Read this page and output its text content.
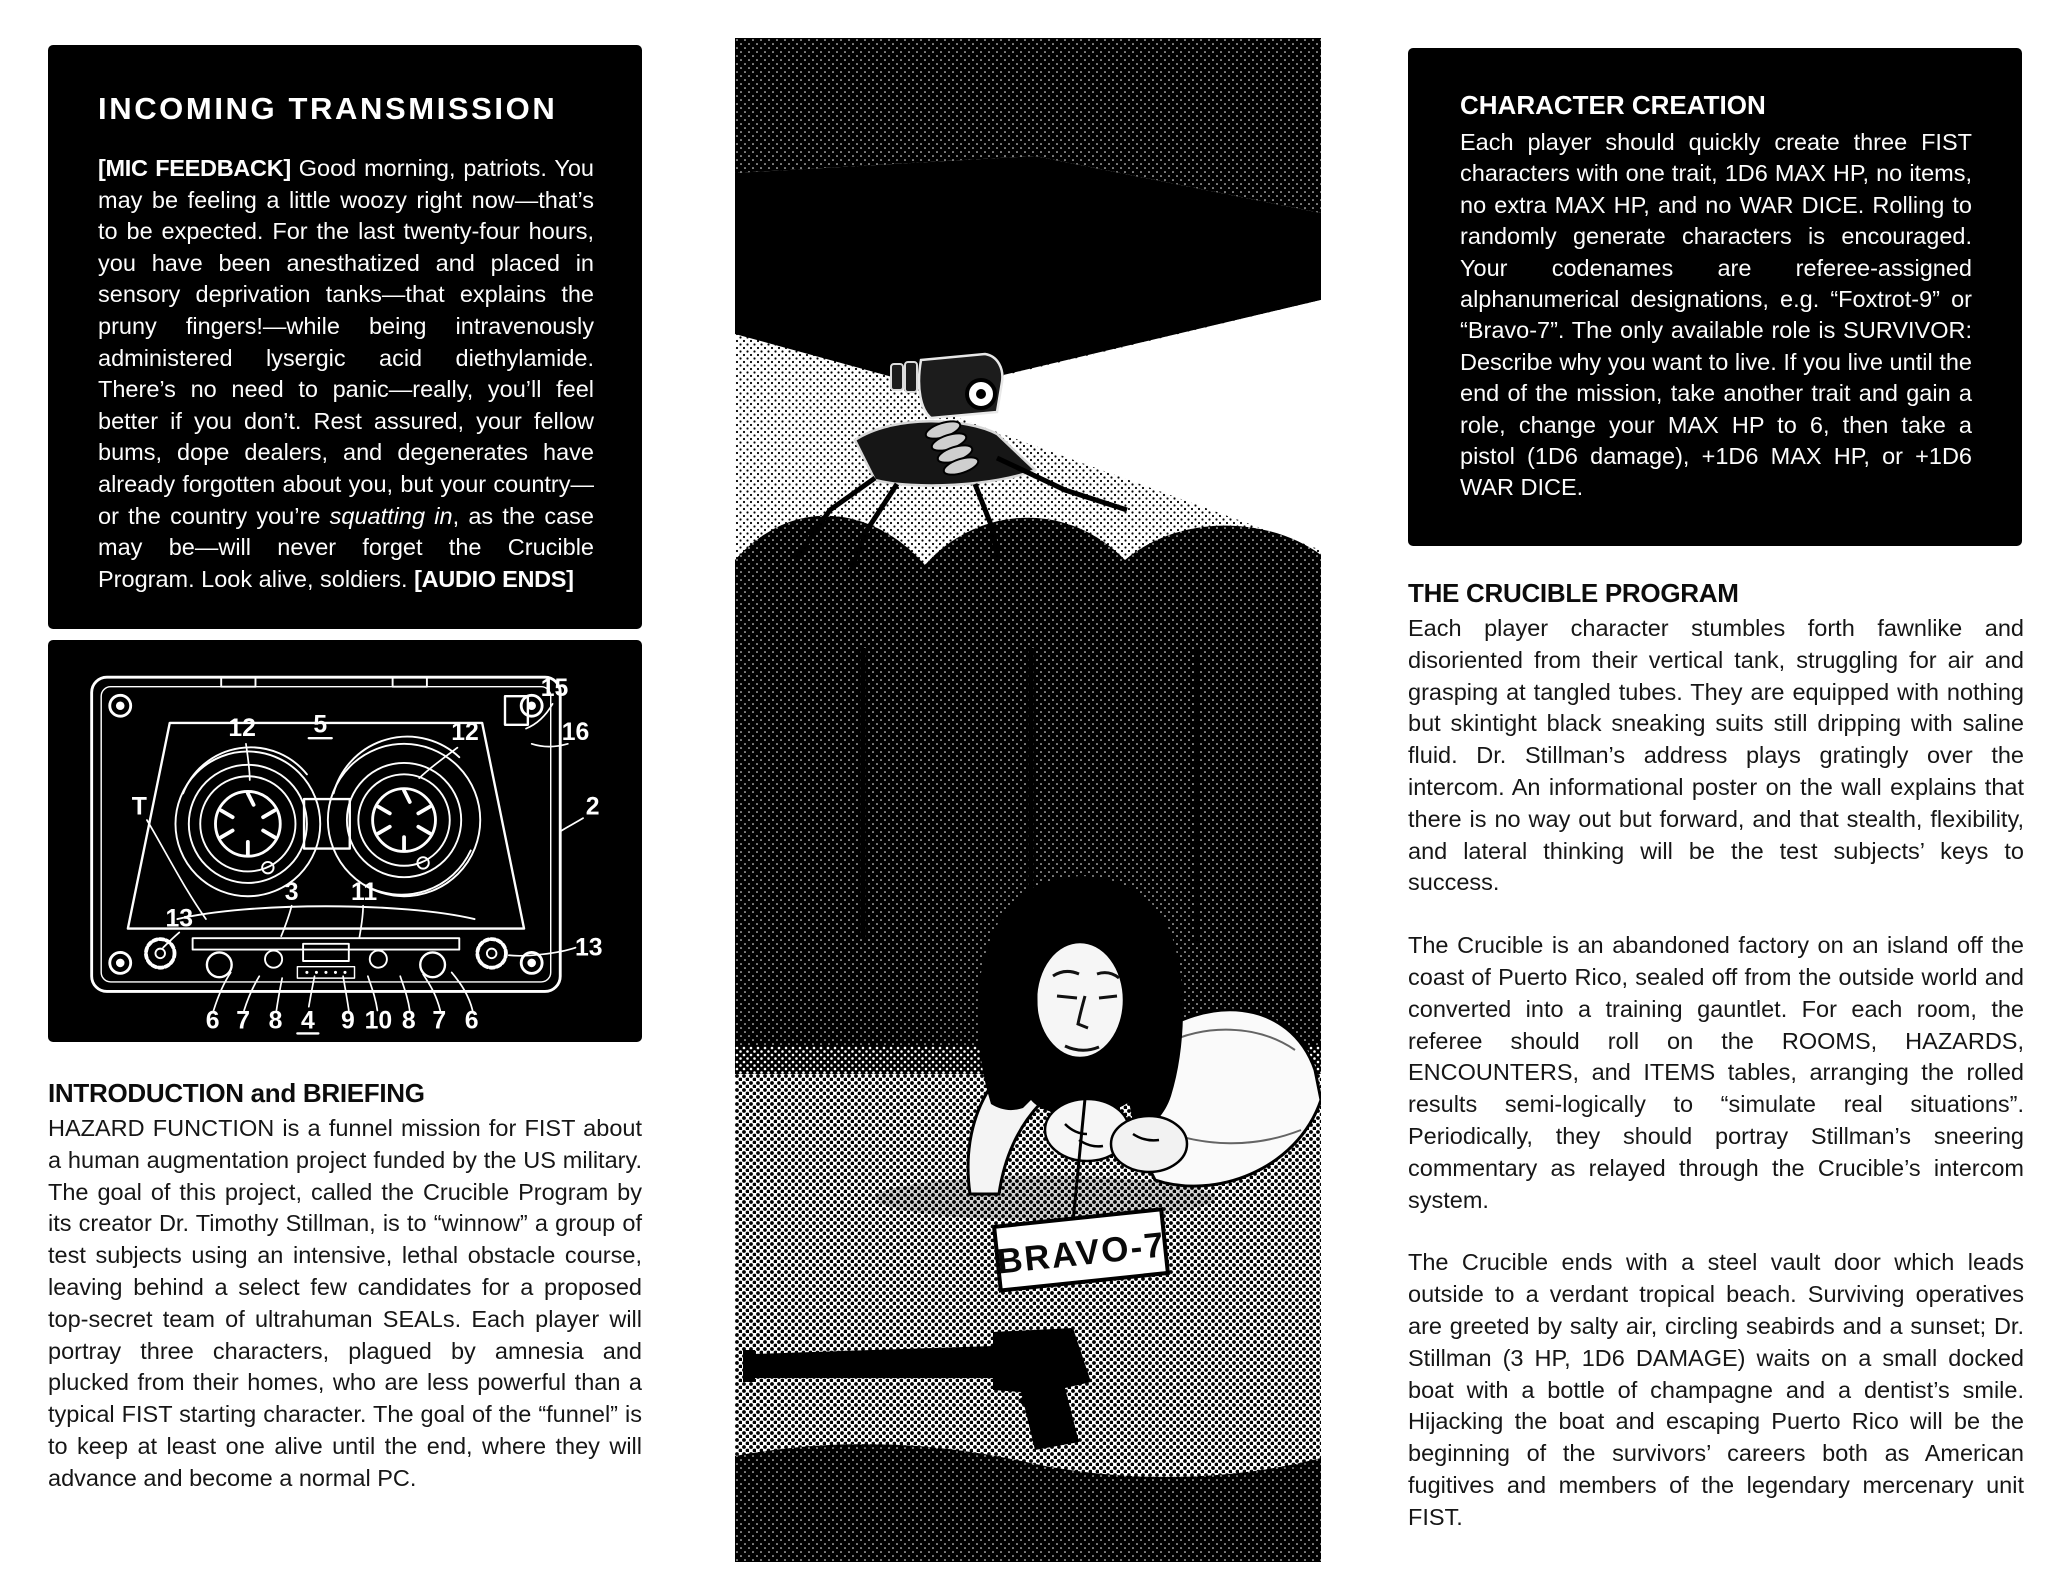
INCOMING TRANSMISSION

[MIC FEEDBACK] Good morning, patriots. You may be feeling a little woozy right now—that’s to be expected. For the last twenty-four hours, you have been anesthatized and placed in sensory deprivation tanks—that explains the pruny fingers!—while being intravenously administered lysergic acid diethylamide. There’s no need to panic—really, you’ll feel better if you don’t. Rest assured, your fellow bums, dope dealers, and degenerates have already forgotten about you, but your country—or the country you’re squatting in, as the case may be—will never forget the Crucible Program. Look alive, soldiers. [AUDIO ENDS]

15
16
12 5	12
2
T
3 11
13
13
6 7 8 4 9 10 8 7 6
INTRODUCTION and BRIEFING

HAZARD FUNCTION is a funnel mission for FIST about a human augmentation project funded by the US military. The goal of this project, called the Crucible Program by its creator Dr. Timothy Stillman, is to “winnow” a group of test subjects using an intensive, lethal obstacle course, leaving behind a select few candidates for a proposed top-secret team of ultrahuman SEALs. Each player will portray three characters, plagued by amnesia and plucked from their homes, who are less powerful than a typical FIST starting character. The goal of the “funnel” is to keep at least one alive until the end, where they will advance and become a normal PC.

BRAVO-7
CHARACTER CREATION

Each player should quickly create three FIST characters with one trait, 1D6 MAX HP, no items, no extra MAX HP, and no WAR DICE. Rolling to randomly generate characters is encouraged. Your codenames are referee-assigned alphanumerical designations, e.g. “Foxtrot-9” or “Bravo-7”. The only available role is SURVIVOR: Describe why you want to live. If you live until the end of the mission, take another trait and gain a role, change your MAX HP to 6, then take a pistol (1D6 damage), +1D6 MAX HP, or +1D6 WAR DICE.

THE CRUCIBLE PROGRAM

Each player character stumbles forth fawnlike and disoriented from their vertical tank, struggling for air and grasping at tangled tubes. They are equipped with nothing but skintight black sneaking suits still dripping with saline fluid. Dr. Stillman’s address plays gratingly over the intercom. An informational poster on the wall explains that there is no way out but forward, and that stealth, flexibility, and lateral thinking will be the test subjects’ keys to success.

The Crucible is an abandoned factory on an island off the coast of Puerto Rico, sealed off from the outside world and converted into a training gauntlet. For each room, the referee should roll on the ROOMS, HAZARDS, ENCOUNTERS, and ITEMS tables, arranging the rolled results semi-logically to “simulate real situations”. Periodically, they should portray Stillman’s sneering commentary as relayed through the Crucible’s intercom system.

The Crucible ends with a steel vault door which leads outside to a verdant tropical beach. Surviving operatives are greeted by salty air, circling seabirds and a sunset; Dr. Stillman (3 HP, 1D6 DAMAGE) waits on a small docked boat with a bottle of champagne and a dentist’s smile. Hijacking the boat and escaping Puerto Rico will be the beginning of the survivors’ careers both as American fugitives and members of the legendary mercenary unit FIST.
